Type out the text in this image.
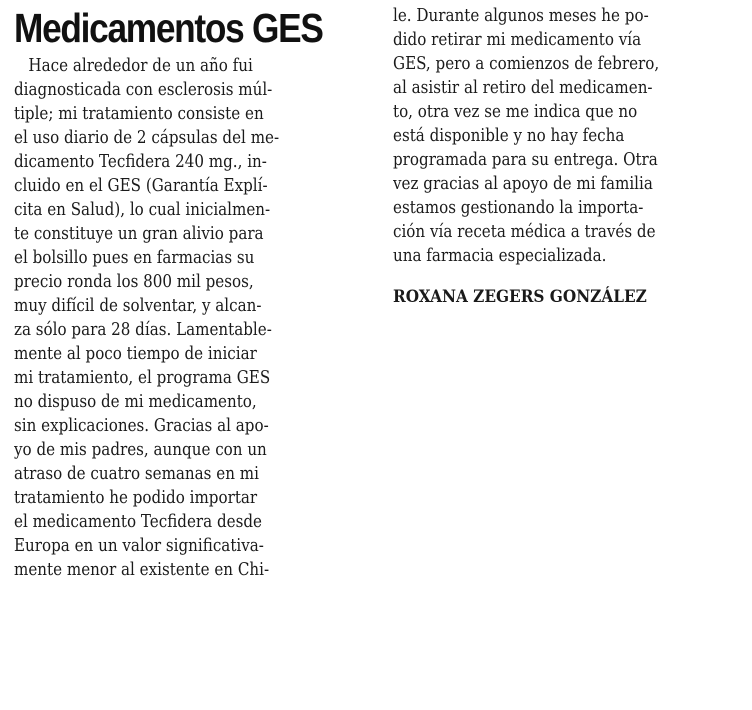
Medicamentos GES
Hace alrededor de un año fui
diagnosticada con esclerosis múl-
tiple; mi tratamiento consiste en
el uso diario de 2 cápsulas del me-
dicamento Tecfidera 240 mg., in-
cluido en el GES (Garantía Explí-
cita en Salud), lo cual inicialmen-
te constituye un gran alivio para
el bolsillo pues en farmacias su
precio ronda los 800 mil pesos,
muy difícil de solventar, y alcan-
za sólo para 28 días. Lamentable-
mente al poco tiempo de iniciar
mi tratamiento, el programa GES
no dispuso de mi medicamento,
sin explicaciones. Gracias al apo-
yo de mis padres, aunque con un
atraso de cuatro semanas en mi
tratamiento he podido importar
el medicamento Tecfidera desde
Europa en un valor significativa-
mente menor al existente en Chi-
le. Durante algunos meses he po-
dido retirar mi medicamento vía
GES, pero a comienzos de febrero,
al asistir al retiro del medicamen-
to, otra vez se me indica que no
está disponible y no hay fecha
programada para su entrega. Otra
vez gracias al apoyo de mi familia
estamos gestionando la importa-
ción vía receta médica a través de
una farmacia especializada.
ROXANA ZEGERS GONZÁLEZ
